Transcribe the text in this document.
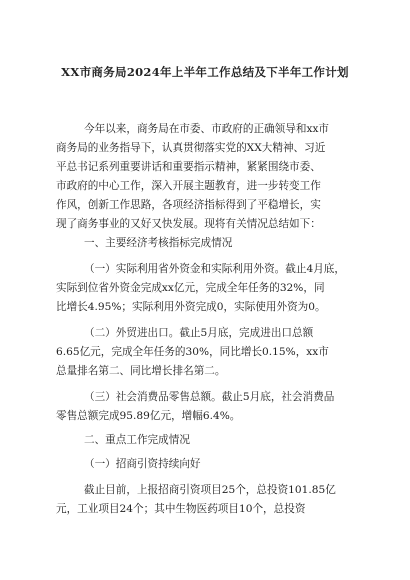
XX市商务局2024年上半年工作总结及下半年工作计划
今年以来，商务局在市委、市政府的正确领导和xx市
商务局的业务指导下，认真贯彻落实党的XX大精神、习近
平总书记系列重要讲话和重要指示精神，紧紧围绕市委、
市政府的中心工作，深入开展主题教育，进一步转变工作
作风，创新工作思路，各项经济指标得到了平稳增长，实
现了商务事业的又好又快发展。现将有关情况总结如下：
一、主要经济考核指标完成情况
（一）实际利用省外资金和实际利用外资。截止4月底，
实际到位省外资金完成xx亿元，完成全年任务的32%，同
比增长4.95%；实际利用外资完成0，实际使用外资为0。
（二）外贸进出口。截止5月底，完成进出口总额
6.65亿元，完成全年任务的30%，同比增长0.15%，xx市
总量排名第二、同比增长排名第二。
（三）社会消费品零售总额。截止5月底，社会消费品
零售总额完成95.89亿元，增幅6.4%。
二、重点工作完成情况
（一）招商引资持续向好
截止目前，上报招商引资项目25个，总投资101.85亿
元，工业项目24个；其中生物医药项目10个，总投资
